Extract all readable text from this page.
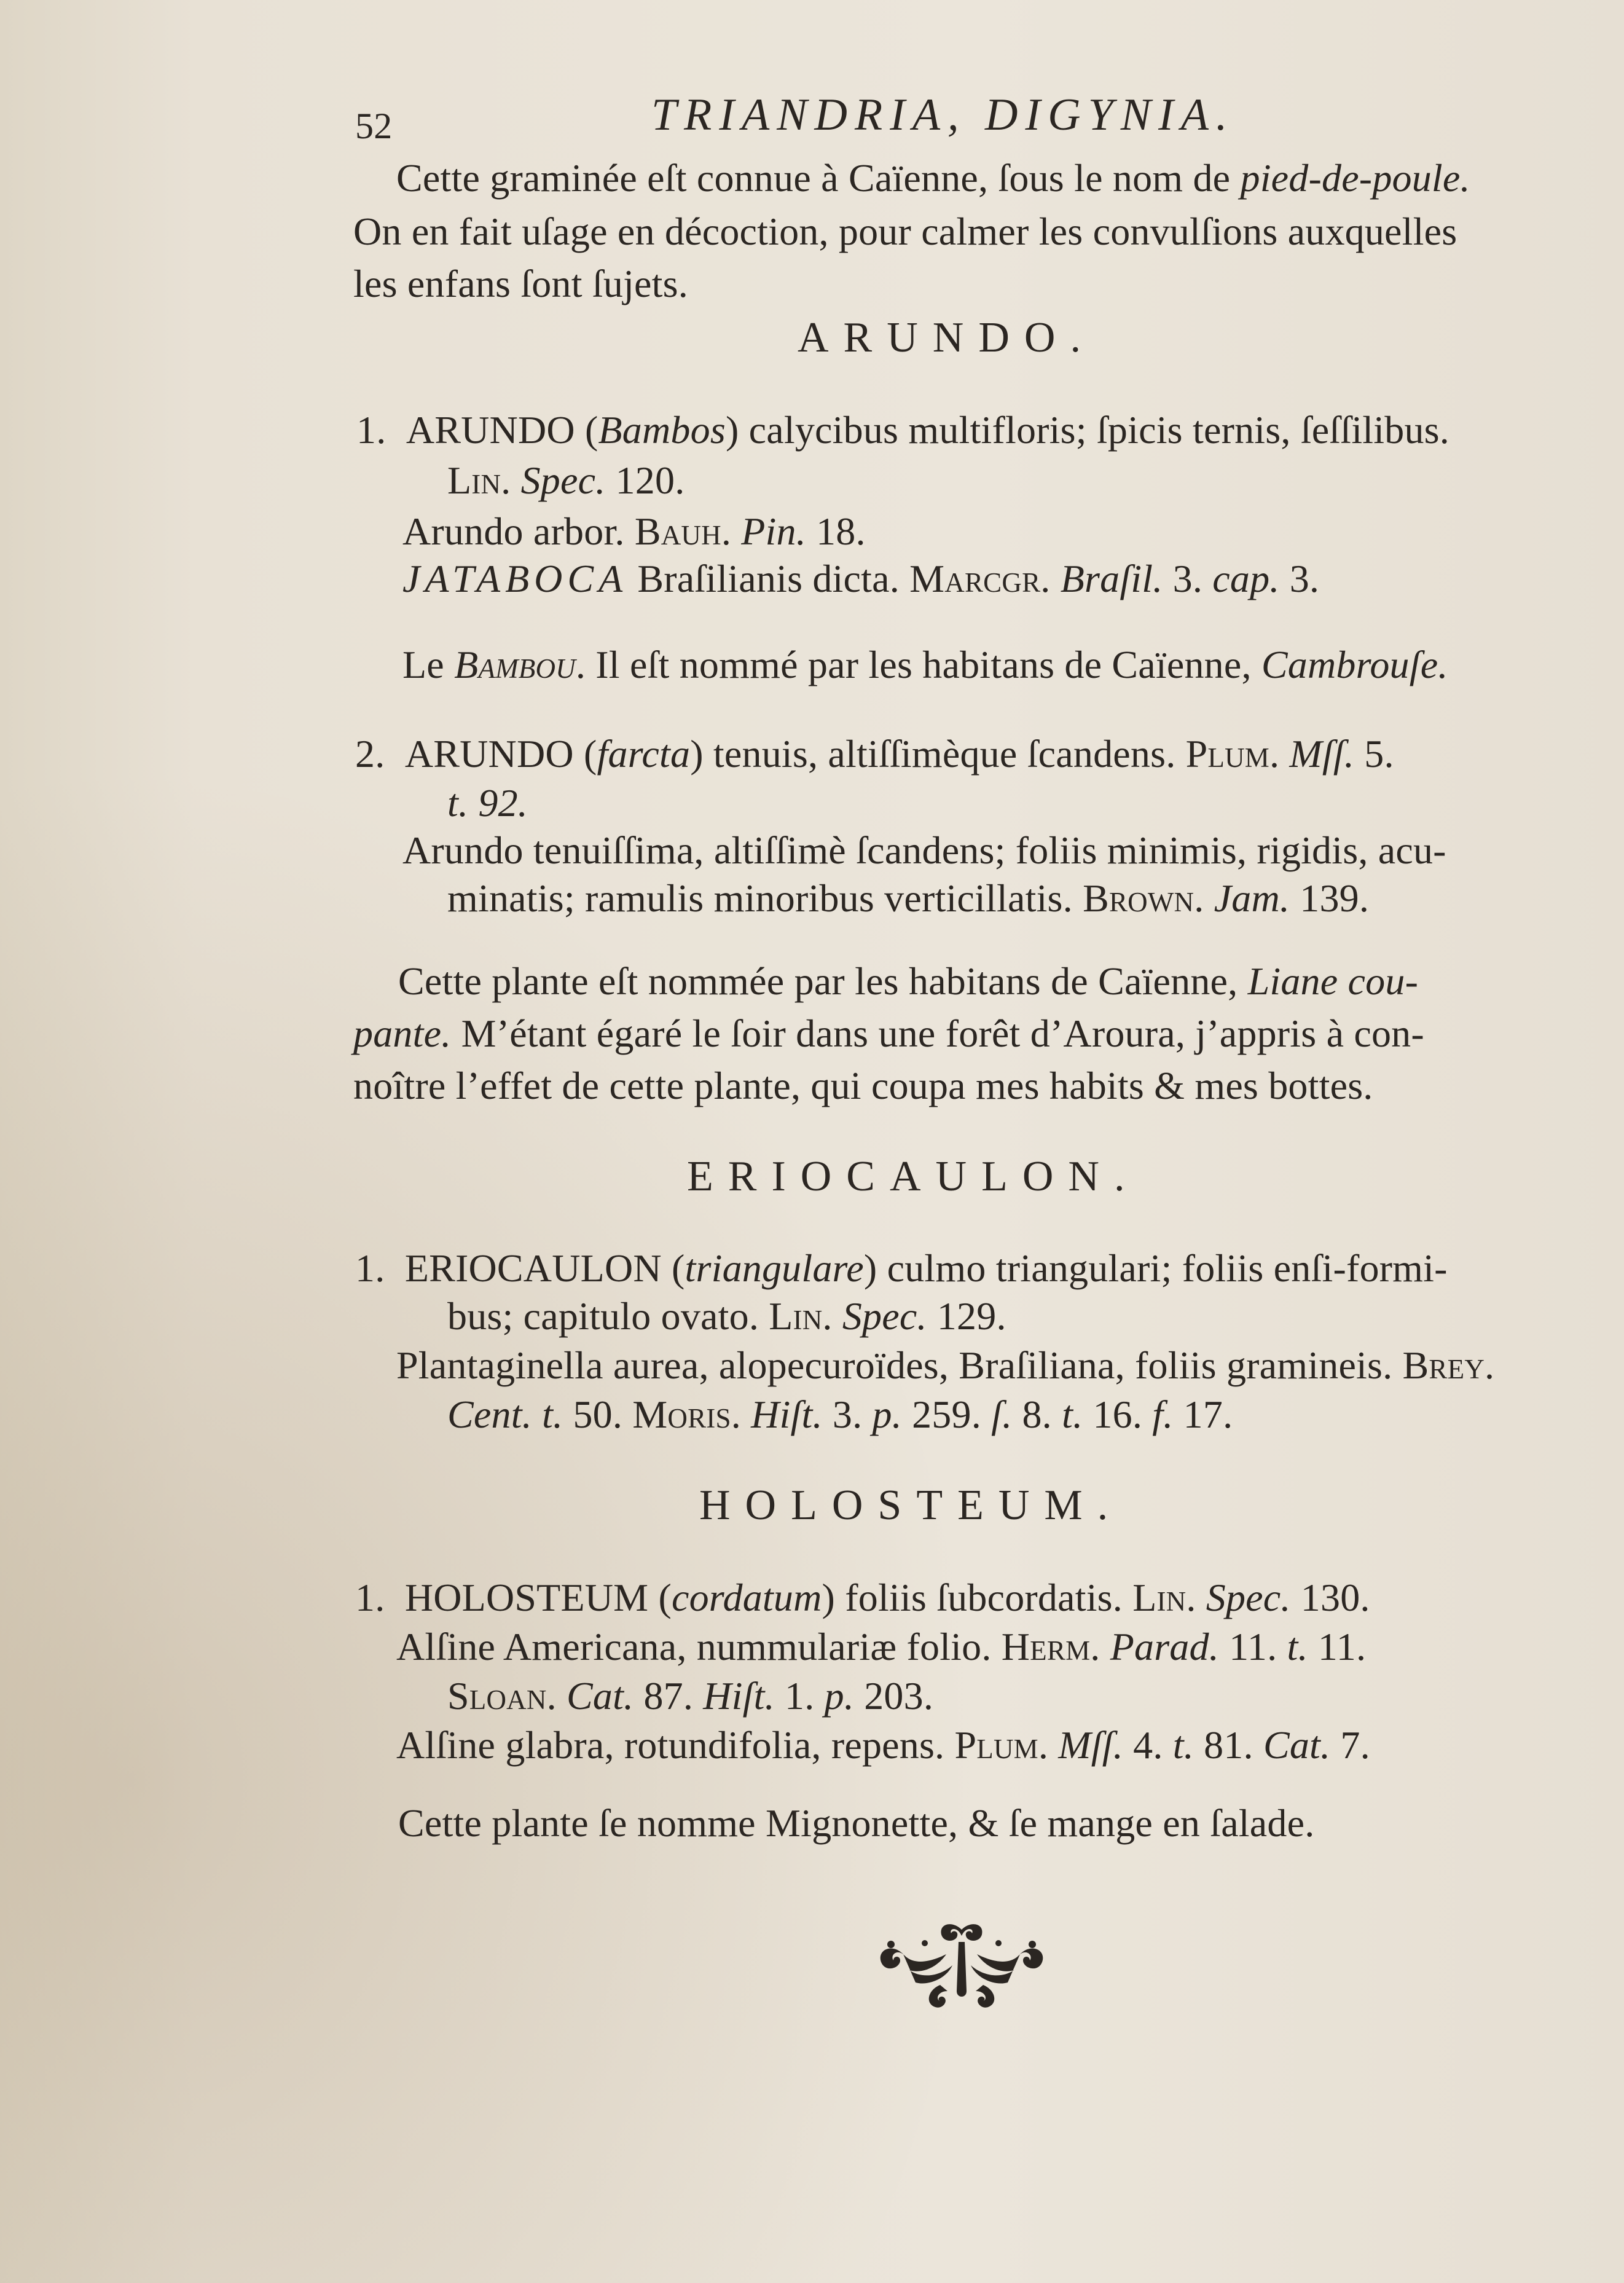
52	TRIANDRIA, DIGYNIA.
Cette graminée eſt connue à Caïenne, ſous le nom de pied-de-poule.
On en fait uſage en décoction, pour calmer les convulſions auxquelles
les enfans ſont ſujets.
ARUNDO.
1. ARUNDO (Bambos) calycibus multifloris; ſpicis ternis, ſeſſilibus.
Lin. Spec. 120.
Arundo arbor. Bauh. Pin. 18.
JATABOCA Braſilianis dicta. Marcgr. Braſil. 3. cap. 3.
Le Bambou. Il eſt nommé par les habitans de Caïenne, Cambrouſe.
2. ARUNDO (farcta) tenuis, altiſſimèque ſcandens. Plum. Mſſ. 5.
t. 92.
Arundo tenuiſſima, altiſſimè ſcandens; foliis minimis, rigidis, acu-
minatis; ramulis minoribus verticillatis. Brown. Jam. 139.
Cette plante eſt nommée par les habitans de Caïenne, Liane cou-
pante. M’étant égaré le ſoir dans une forêt d’Aroura, j’appris à con-
noître l’effet de cette plante, qui coupa mes habits & mes bottes.
ERIOCAULON.
1. ERIOCAULON (triangulare) culmo triangulari; foliis enſi-formi-
bus; capitulo ovato. Lin. Spec. 129.
Plantaginella aurea, alopecuroïdes, Braſiliana, foliis gramineis. Brey.
Cent. t. 50. Moris. Hiſt. 3. p. 259. ſ. 8. t. 16. f. 17.
HOLOSTEUM.
1. HOLOSTEUM (cordatum) foliis ſubcordatis. Lin. Spec. 130.
Alſine Americana, nummulariæ folio. Herm. Parad. 11. t. 11.
Sloan. Cat. 87. Hiſt. 1. p. 203.
Alſine glabra, rotundifolia, repens. Plum. Mſſ. 4. t. 81. Cat. 7.
Cette plante ſe nomme Mignonette, & ſe mange en ſalade.
